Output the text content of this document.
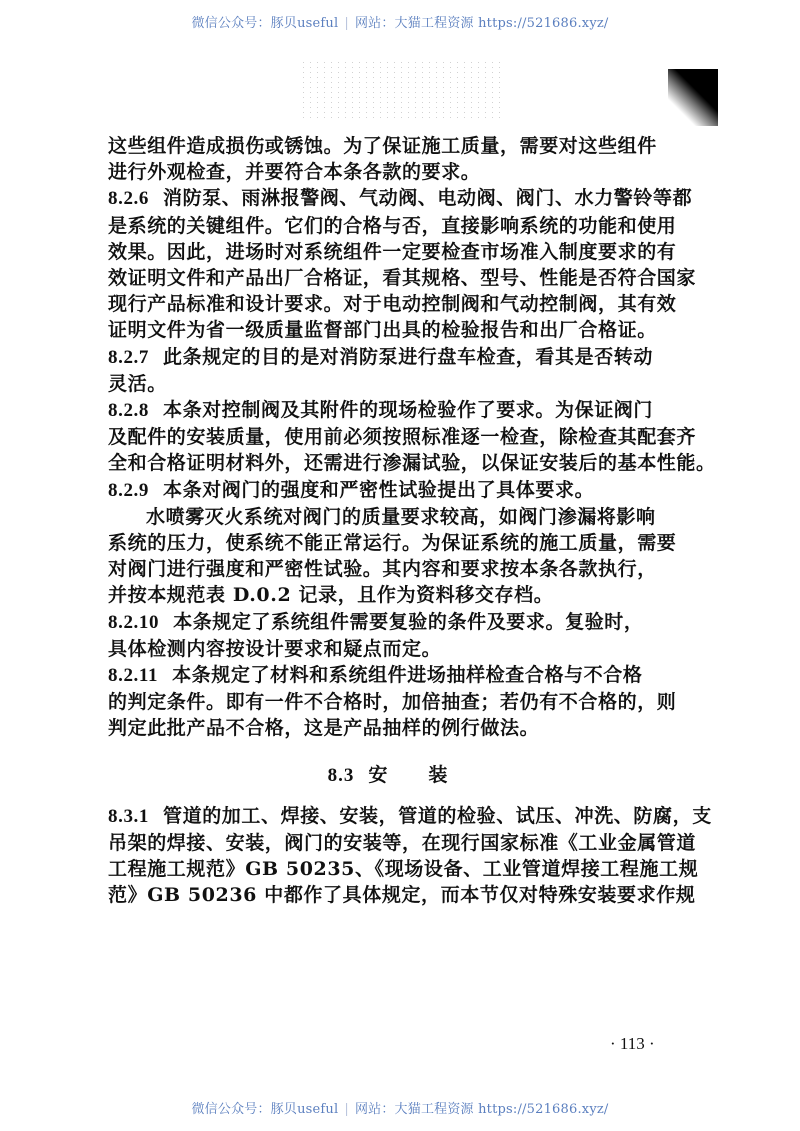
微信公众号：豚贝useful | 网站：大猫工程资源 https://521686.xyz/
这些组件造成损伤或锈蚀。为了保证施工质量，需要对这些组件
进行外观检查，并要符合本条各款的要求。
8.2.6 消防泵、雨淋报警阀、气动阀、电动阀、阀门、水力警铃等都
是系统的关键组件。它们的合格与否，直接影响系统的功能和使用
效果。因此，进场时对系统组件一定要检查市场准入制度要求的有
效证明文件和产品出厂合格证，看其规格、型号、性能是否符合国家
现行产品标准和设计要求。对于电动控制阀和气动控制阀，其有效
证明文件为省一级质量监督部门出具的检验报告和出厂合格证。
8.2.7 此条规定的目的是对消防泵进行盘车检查，看其是否转动
灵活。
8.2.8 本条对控制阀及其附件的现场检验作了要求。为保证阀门
及配件的安装质量，使用前必须按照标准逐一检查，除检查其配套齐
全和合格证明材料外，还需进行渗漏试验，以保证安装后的基本性能。
8.2.9 本条对阀门的强度和严密性试验提出了具体要求。
水喷雾灭火系统对阀门的质量要求较高，如阀门渗漏将影响
系统的压力，使系统不能正常运行。为保证系统的施工质量，需要
对阀门进行强度和严密性试验。其内容和要求按本条各款执行，
并按本规范表 D.0.2 记录，且作为资料移交存档。
8.2.10 本条规定了系统组件需要复验的条件及要求。复验时，
具体检测内容按设计要求和疑点而定。
8.2.11 本条规定了材料和系统组件进场抽样检查合格与不合格
的判定条件。即有一件不合格时，加倍抽查；若仍有不合格的，则
判定此批产品不合格，这是产品抽样的例行做法。
8.3 安 装
8.3.1 管道的加工、焊接、安装，管道的检验、试压、冲洗、防腐，支
吊架的焊接、安装，阀门的安装等，在现行国家标准《工业金属管道
工程施工规范》GB 50235、《现场设备、工业管道焊接工程施工规
范》GB 50236 中都作了具体规定，而本节仅对特殊安装要求作规
· 113 ·
微信公众号：豚贝useful | 网站：大猫工程资源 https://521686.xyz/
